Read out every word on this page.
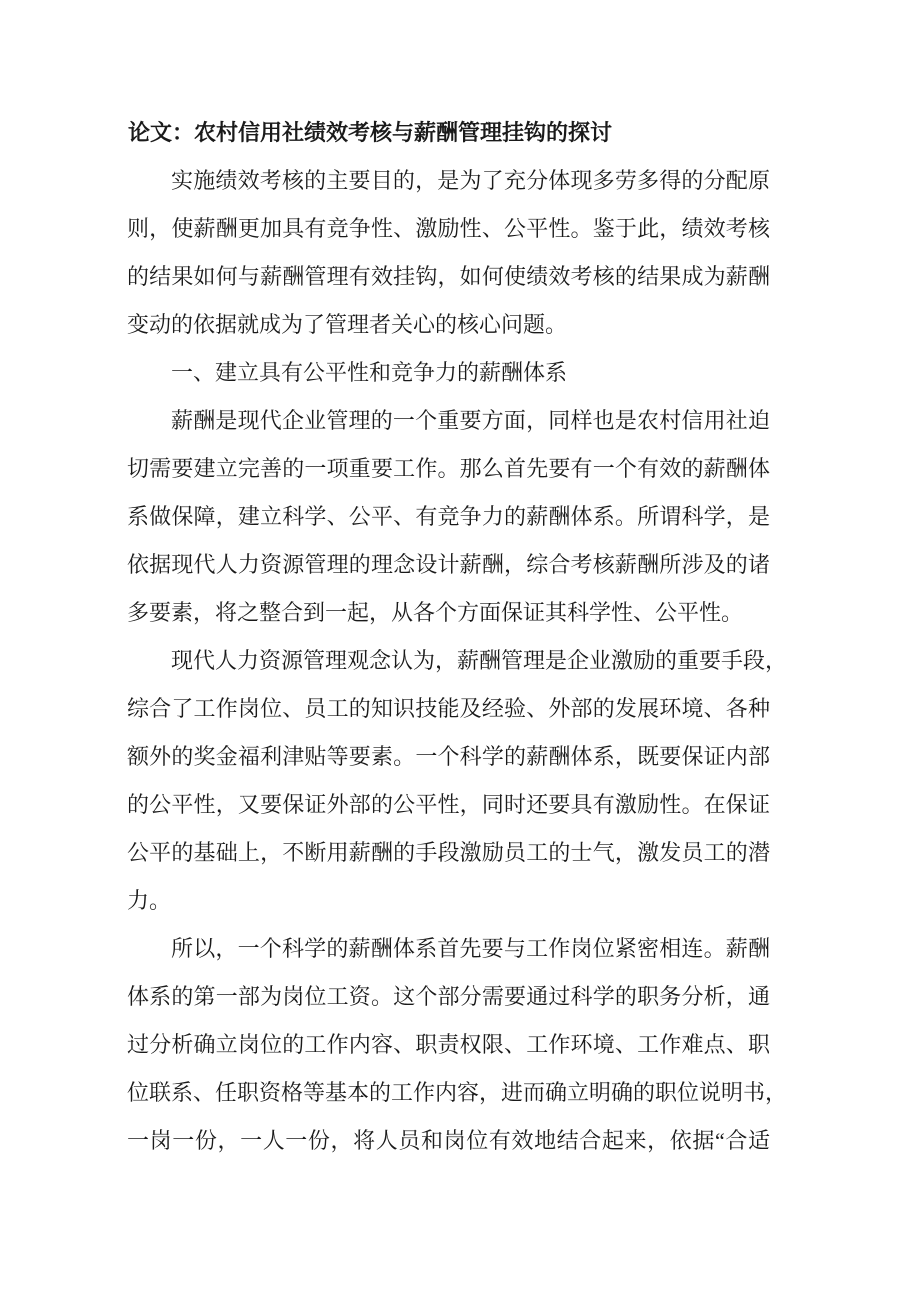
论文：农村信用社绩效考核与薪酬管理挂钩的探讨
实施绩效考核的主要目的，是为了充分体现多劳多得的分配原
则，使薪酬更加具有竞争性、激励性、公平性。鉴于此，绩效考核
的结果如何与薪酬管理有效挂钩，如何使绩效考核的结果成为薪酬
变动的依据就成为了管理者关心的核心问题。
一、建立具有公平性和竞争力的薪酬体系
薪酬是现代企业管理的一个重要方面，同样也是农村信用社迫
切需要建立完善的一项重要工作。那么首先要有一个有效的薪酬体
系做保障，建立科学、公平、有竞争力的薪酬体系。所谓科学，是
依据现代人力资源管理的理念设计薪酬，综合考核薪酬所涉及的诸
多要素，将之整合到一起，从各个方面保证其科学性、公平性。
现代人力资源管理观念认为，薪酬管理是企业激励的重要手段，
综合了工作岗位、员工的知识技能及经验、外部的发展环境、各种
额外的奖金福利津贴等要素。一个科学的薪酬体系，既要保证内部
的公平性，又要保证外部的公平性，同时还要具有激励性。在保证
公平的基础上，不断用薪酬的手段激励员工的士气，激发员工的潜
力。
所以，一个科学的薪酬体系首先要与工作岗位紧密相连。薪酬
体系的第一部为岗位工资。这个部分需要通过科学的职务分析，通
过分析确立岗位的工作内容、职责权限、工作环境、工作难点、职
位联系、任职资格等基本的工作内容，进而确立明确的职位说明书，
一岗一份，一人一份，将人员和岗位有效地结合起来，依据“合适
